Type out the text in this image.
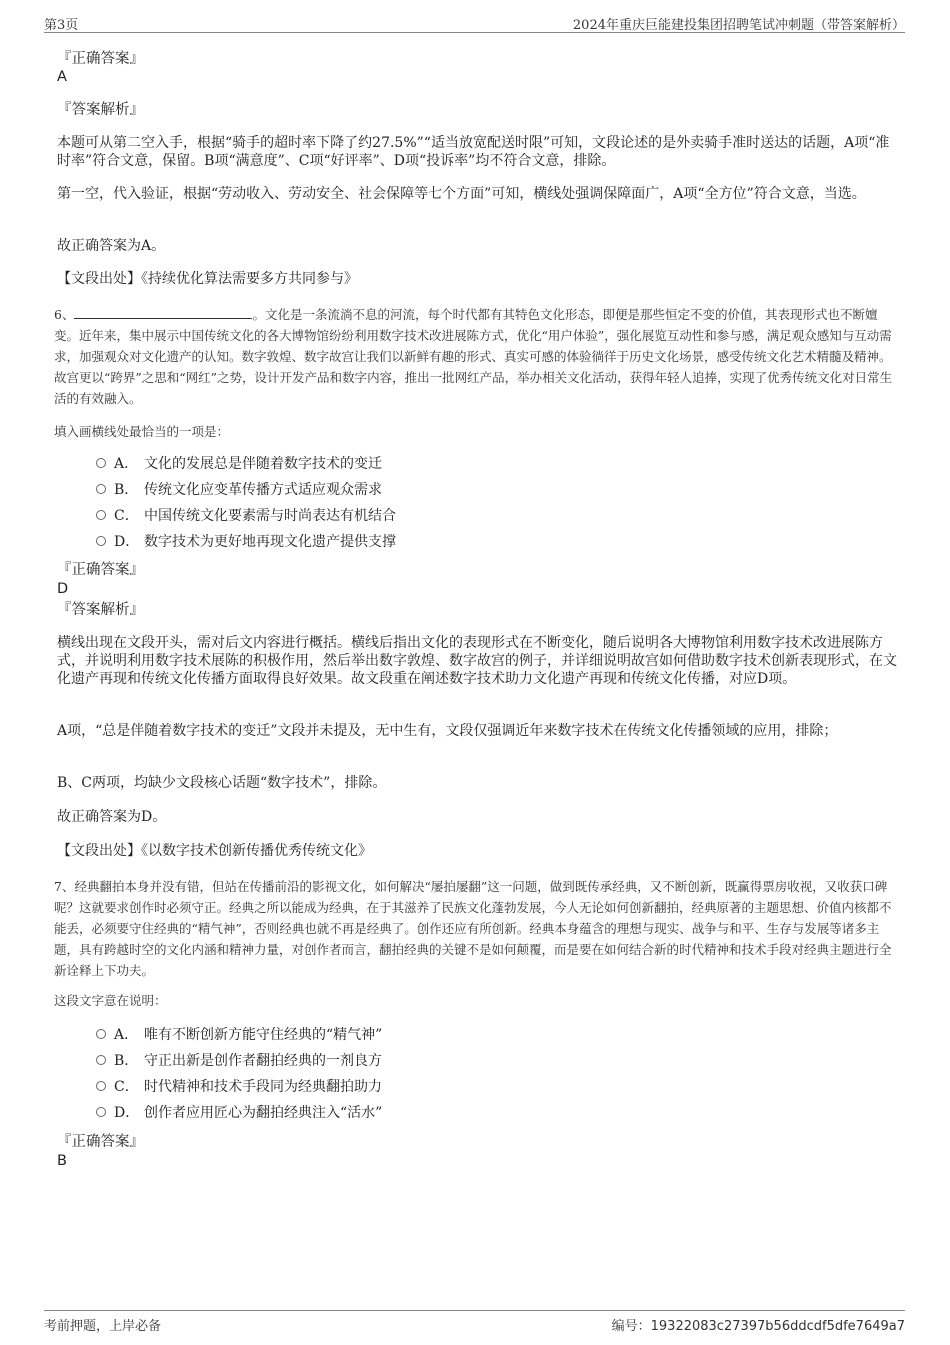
第3页	2024年重庆巨能建投集团招聘笔试冲刺题（带答案解析）
『正确答案』
A
『答案解析』
本题可从第二空入手，根据“骑手的超时率下降了约27.5%”“适当放宽配送时限”可知，文段论述的是外卖骑手准时送达的话题，A项“准时率”符合文意，保留。B项“满意度”、C项“好评率”、D项“投诉率”均不符合文意，排除。
第一空，代入验证，根据“劳动收入、劳动安全、社会保障等七个方面”可知，横线处强调保障面广，A项“全方位”符合文意，当选。
故正确答案为A。
【文段出处】《持续优化算法需要多方共同参与》
6、	。文化是一条流淌不息的河流，每个时代都有其特色文化形态，即便是那些恒定不变的价值，其表现形式也不断嬗变。近年来，集中展示中国传统文化的各大博物馆纷纷利用数字技术改进展陈方式，优化“用户体验”，强化展览互动性和参与感，满足观众感知与互动需求，加强观众对文化遗产的认知。数字敦煌、数字故宫让我们以新鲜有趣的形式、真实可感的体验徜徉于历史文化场景，感受传统文化艺术精髓及精神。故宫更以“跨界”之思和“网红”之势，设计开发产品和数字内容，推出一批网红产品，举办相关文化活动，获得年轻人追捧，实现了优秀传统文化对日常生活的有效融入。
填入画横线处最恰当的一项是：
A． 文化的发展总是伴随着数字技术的变迁
B． 传统文化应变革传播方式适应观众需求
C． 中国传统文化要素需与时尚表达有机结合
D． 数字技术为更好地再现文化遗产提供支撑
『正确答案』
D
『答案解析』
横线出现在文段开头，需对后文内容进行概括。横线后指出文化的表现形式在不断变化，随后说明各大博物馆利用数字技术改进展陈方式，并说明利用数字技术展陈的积极作用，然后举出数字敦煌、数字故宫的例子，并详细说明故宫如何借助数字技术创新表现形式，在文化遗产再现和传统文化传播方面取得良好效果。故文段重在阐述数字技术助力文化遗产再现和传统文化传播，对应D项。
A项，“总是伴随着数字技术的变迁”文段并未提及，无中生有，文段仅强调近年来数字技术在传统文化传播领域的应用，排除；
B、C两项，均缺少文段核心话题“数字技术”，排除。
故正确答案为D。
【文段出处】《以数字技术创新传播优秀传统文化》
7、经典翻拍本身并没有错，但站在传播前沿的影视文化，如何解决“屡拍屡翻”这一问题，做到既传承经典，又不断创新，既赢得票房收视，又收获口碑呢？这就要求创作时必须守正。经典之所以能成为经典，在于其滋养了民族文化蓬勃发展，今人无论如何创新翻拍，经典原著的主题思想、价值内核都不能丢，必须要守住经典的“精气神”，否则经典也就不再是经典了。创作还应有所创新。经典本身蕴含的理想与现实、战争与和平、生存与发展等诸多主题，具有跨越时空的文化内涵和精神力量，对创作者而言，翻拍经典的关键不是如何颠覆，而是要在如何结合新的时代精神和技术手段对经典主题进行全新诠释上下功夫。
这段文字意在说明：
A． 唯有不断创新方能守住经典的“精气神”
B． 守正出新是创作者翻拍经典的一剂良方
C． 时代精神和技术手段同为经典翻拍助力
D． 创作者应用匠心为翻拍经典注入“活水”
『正确答案』
B
考前押题，上岸必备	编号：19322083c27397b56ddcdf5dfe7649a7
